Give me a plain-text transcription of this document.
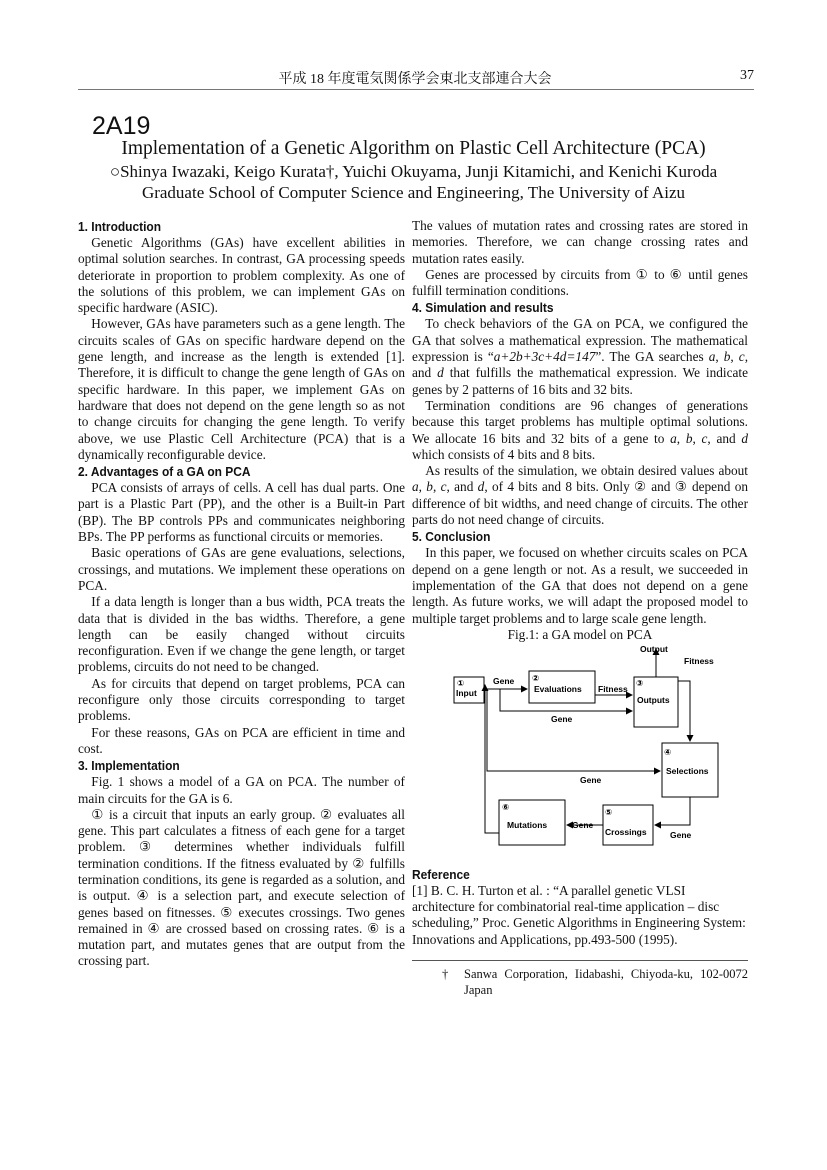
平成 18 年度電気関係学会東北支部連合大会	37
2A19
Implementation of a Genetic Algorithm on Plastic Cell Architecture (PCA)
○Shinya Iwazaki, Keigo Kurata†, Yuichi Okuyama, Junji Kitamichi, and Kenichi Kuroda
Graduate School of Computer Science and Engineering, The University of Aizu
1. Introduction

Genetic Algorithms (GAs) have excellent abilities in optimal solution searches. In contrast, GA processing speeds deteriorate in proportion to problem complexity. As one of the solutions of this problem, we can implement GAs on specific hardware (ASIC).

However, GAs have parameters such as a gene length. The circuits scales of GAs on specific hardware depend on the gene length, and increase as the length is extended [1]. Therefore, it is difficult to change the gene length of GAs on specific hardware. In this paper, we implement GAs on hardware that does not depend on the gene length so as not to change circuits for changing the gene length. To verify above, we use Plastic Cell Architecture (PCA) that is a dynamically reconfigurable device.

2. Advantages of a GA on PCA

PCA consists of arrays of cells. A cell has dual parts. One part is a Plastic Part (PP), and the other is a Built-in Part (BP). The BP controls PPs and communicates neighboring BPs. The PP performs as functional circuits or memories.

Basic operations of GAs are gene evaluations, selections, crossings, and mutations. We implement these operations on PCA.

If a data length is longer than a bus width, PCA treats the data that is divided in the bas widths. Therefore, a gene length can be easily changed without circuits reconfiguration. Even if we change the gene length, or target problems, circuits do not need to be changed.

As for circuits that depend on target problems, PCA can reconfigure only those circuits corresponding to target problems.

For these reasons, GAs on PCA are efficient in time and cost.

3. Implementation

Fig. 1 shows a model of a GA on PCA. The number of main circuits for the GA is 6.

① is a circuit that inputs an early group. ② evaluates all gene. This part calculates a fitness of each gene for a target problem. ③ determines whether individuals fulfill termination conditions. If the fitness evaluated by ② fulfills termination conditions, its gene is regarded as a solution, and is output. ④ is a selection part, and execute selection of genes based on fitnesses. ⑤ executes crossings. Two genes remained in ④ are crossed based on crossing rates. ⑥ is a mutation part, and mutates genes that are output from the crossing part.

The values of mutation rates and crossing rates are stored in memories. Therefore, we can change crossing rates and mutation rates easily.

Genes are processed by circuits from ① to ⑥ until genes fulfill termination conditions.

4. Simulation and results

To check behaviors of the GA on PCA, we configured the GA that solves a mathematical expression. The mathematical expression is “a+2b+3c+4d=147”. The GA searches a, b, c, and d that fulfills the mathematical expression. We indicate genes by 2 patterns of 16 bits and 32 bits.

Termination conditions are 96 changes of generations because this target problems has multiple optimal solutions. We allocate 16 bits and 32 bits of a gene to a, b, c, and d which consists of 4 bits and 8 bits.

As results of the simulation, we obtain desired values about a, b, c, and d, of 4 bits and 8 bits. Only ② and ③ depend on difference of bit widths, and need change of circuits. The other parts do not need change of circuits.

5. Conclusion

In this paper, we focused on whether circuits scales on PCA depend on a gene length or not. As a result, we succeeded in implementation of the GA that does not depend on a gene length. As future works, we will adapt the proposed model to multiple target problems and to large scale gene length.

Fig.1: a GA model on PCA
①
Input
②
Evaluations
③
Outputs
④
Selections
⑤
Crossings
⑥
Mutations
Output
Fitness
Fitness
Gene
Gene
Gene
Gene
Gene
Reference

[1] B. C. H. Turton et al. : “A parallel genetic VLSI architecture for combinatorial real-time application – disc scheduling,” Proc. Genetic Algorithms in Engineering System: Innovations and Applications, pp.493-500 (1995).

†	Sanwa Corporation, Iidabashi, Chiyoda-ku, 102-0072 Japan
